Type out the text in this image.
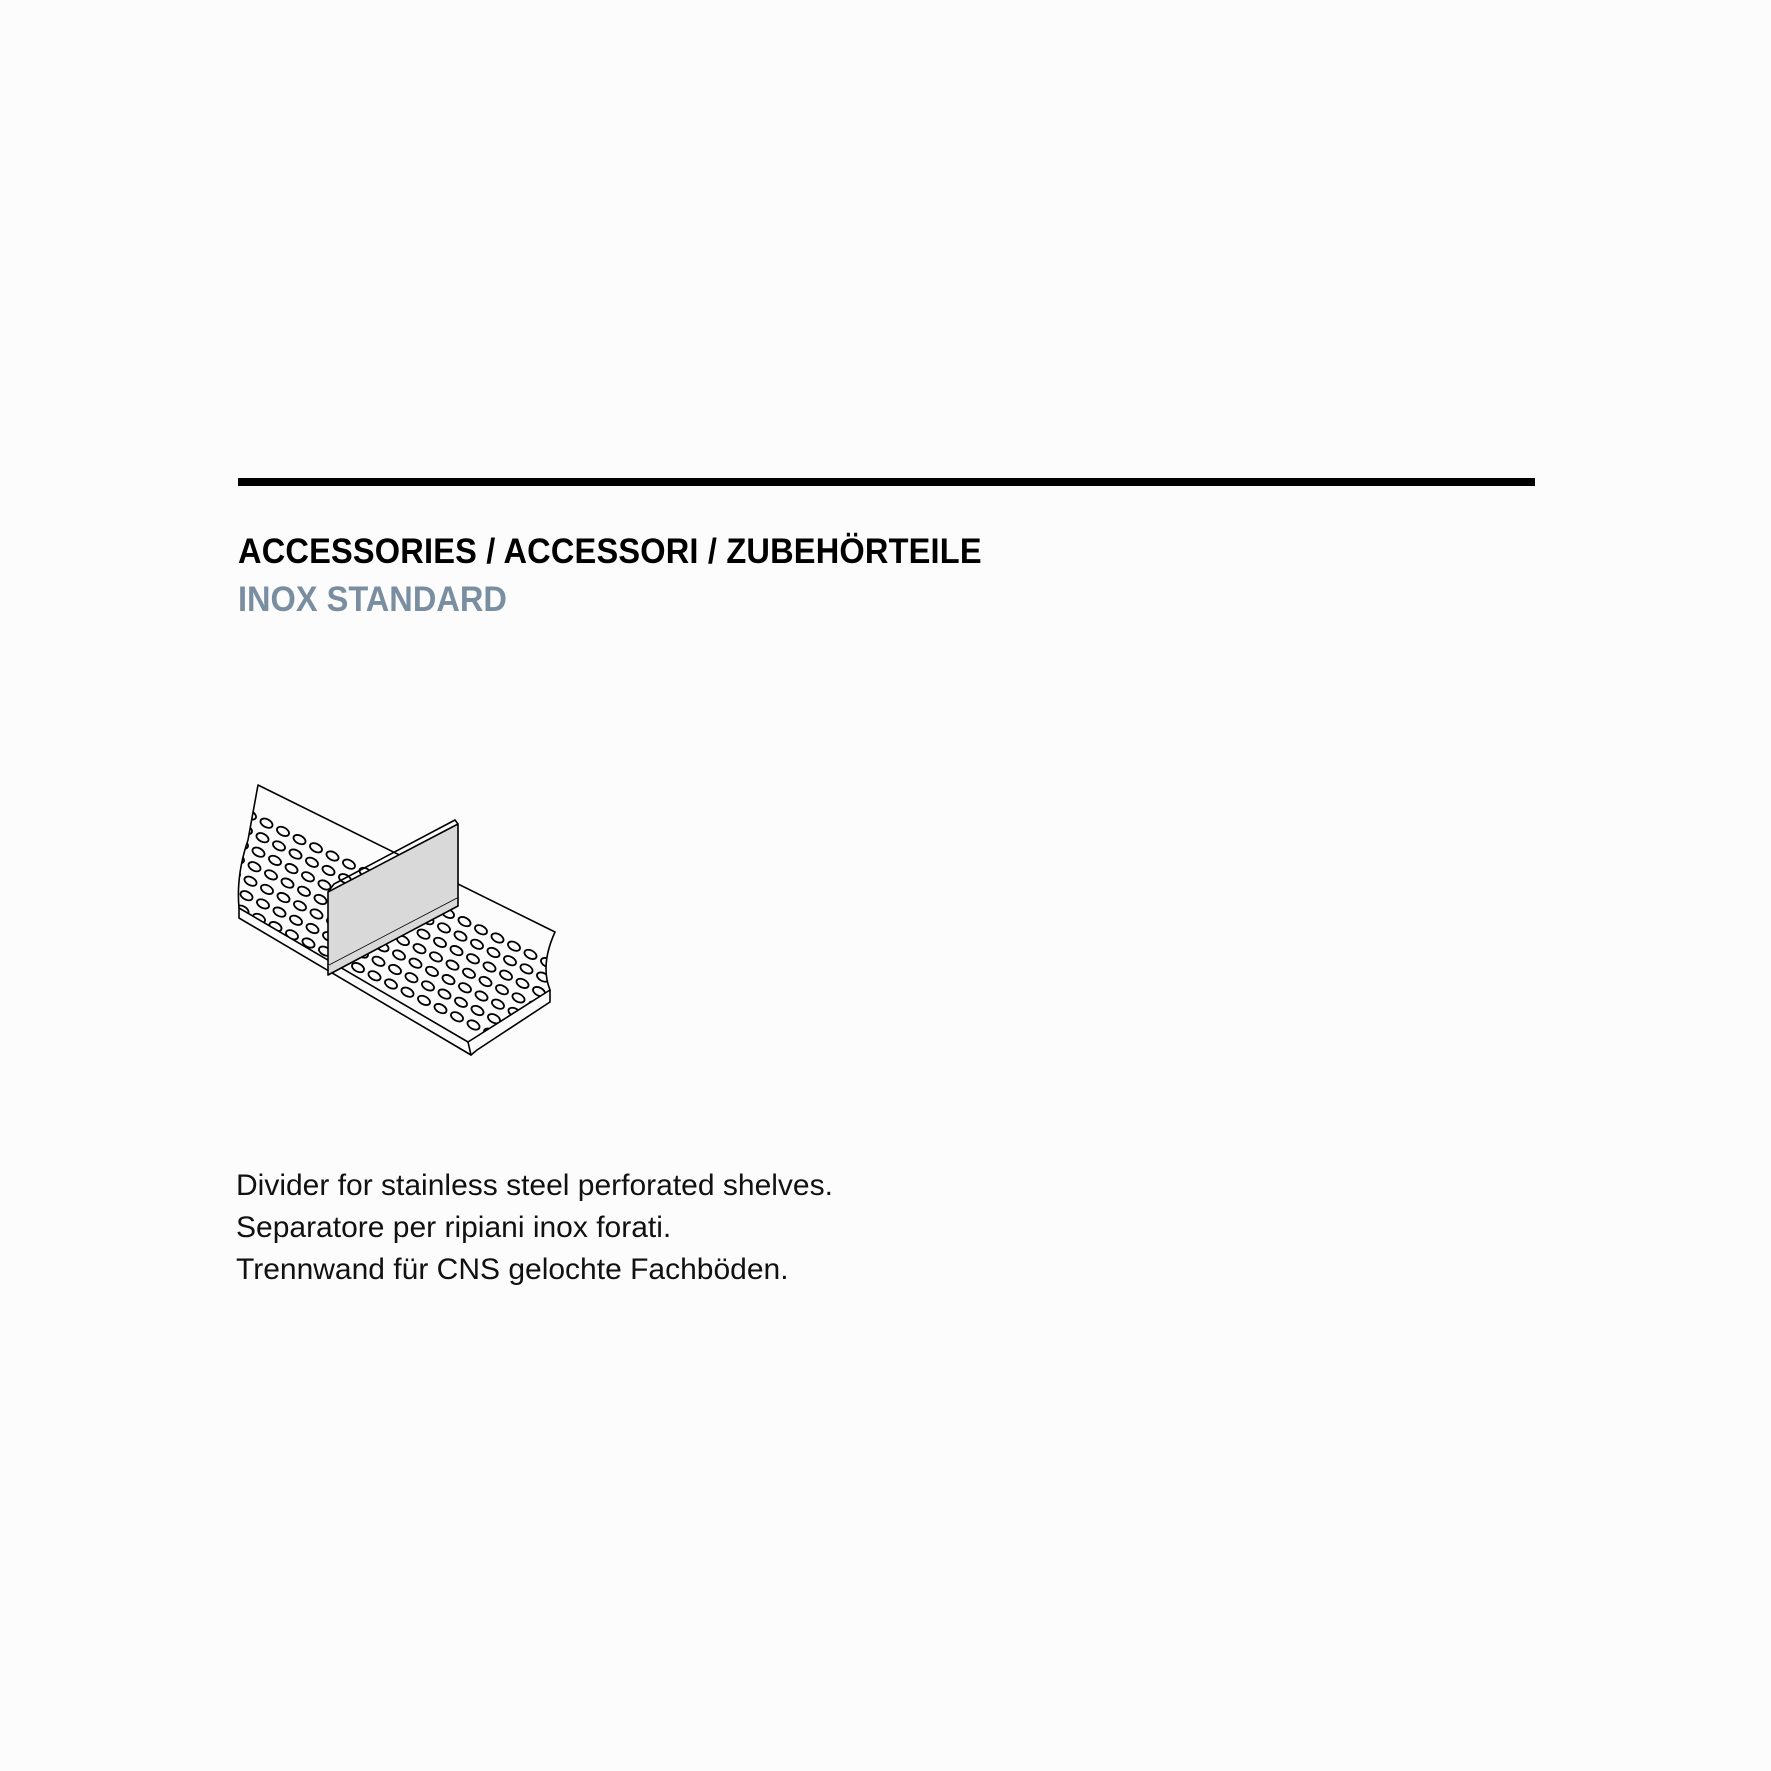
ACCESSORIES / ACCESSORI / ZUBEHÖRTEILE
INOX STANDARD

Divider for stainless steel perforated shelves.

Separatore per ripiani inox forati.

Trennwand für CNS gelochte Fachböden.
